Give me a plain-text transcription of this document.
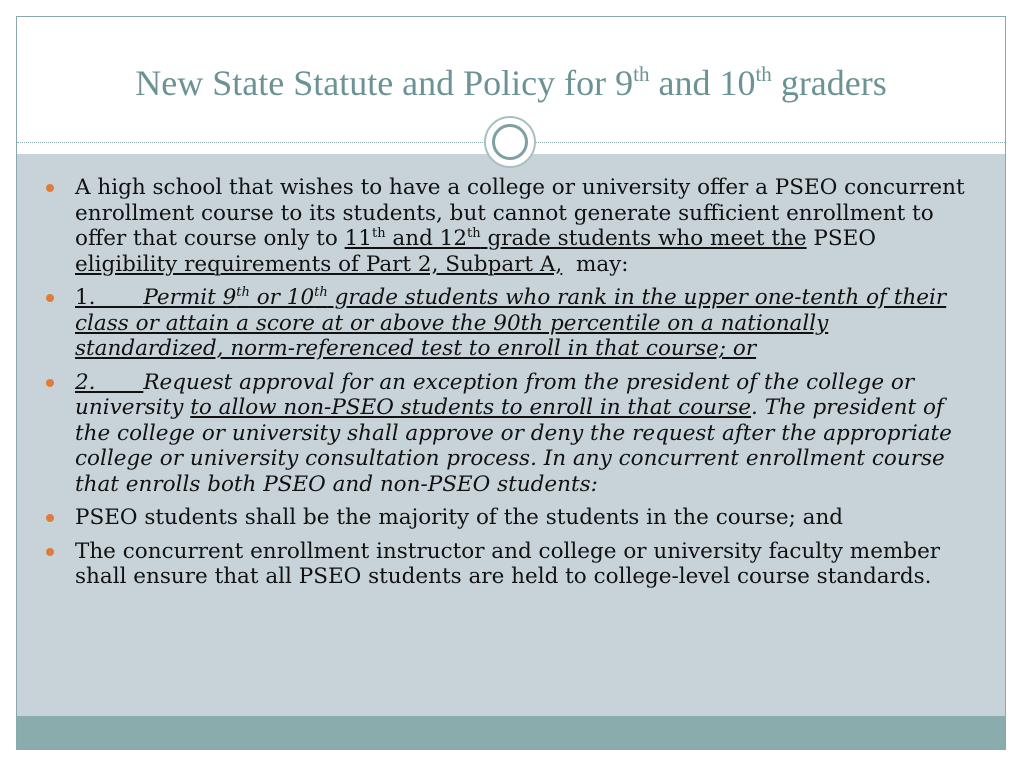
New State Statute and Policy for 9th and 10th graders
A high school that wishes to have a college or university offer a PSEO concurrent enrollment course to its students, but cannot generate sufficient enrollment to offer that course only to 11th and 12th grade students who meet the PSEO eligibility requirements of Part 2, Subpart A,  may:
1. Permit 9th or 10th grade students who rank in the upper one-tenth of their class or attain a score at or above the 90th percentile on a nationally standardized, norm-referenced test to enroll in that course; or
2. Request approval for an exception from the president of the college or university to allow non-PSEO students to enroll in that course. The president of the college or university shall approve or deny the request after the appropriate college or university consultation process. In any concurrent enrollment course that enrolls both PSEO and non-PSEO students:
PSEO students shall be the majority of the students in the course; and
The concurrent enrollment instructor and college or university faculty member shall ensure that all PSEO students are held to college-level course standards.
